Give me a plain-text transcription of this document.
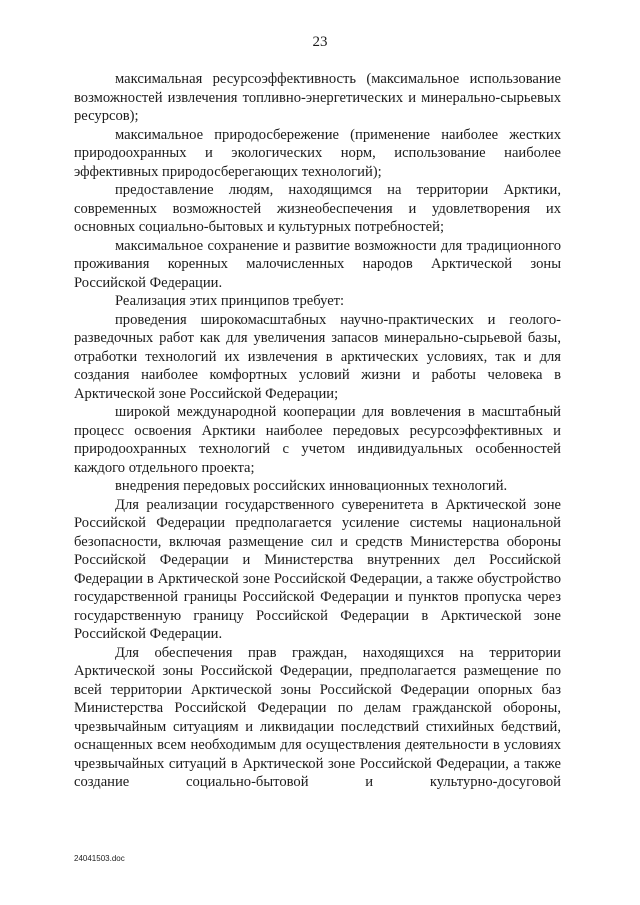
23

максимальная ресурсоэффективность (максимальное использование возможностей извлечения топливно-энергетических и минерально-сырьевых ресурсов);

максимальное природосбережение (применение наиболее жестких природоохранных и экологических норм, использование наиболее эффективных природосберегающих технологий);

предоставление людям, находящимся на территории Арктики, современных возможностей жизнеобеспечения и удовлетворения их основных социально-бытовых и культурных потребностей;

максимальное сохранение и развитие возможности для традиционного проживания коренных малочисленных народов Арктической зоны Российской Федерации.

Реализация этих принципов требует:

проведения широкомасштабных научно-практических и геолого-разведочных работ как для увеличения запасов минерально-сырьевой базы, отработки технологий их извлечения в арктических условиях, так и для создания наиболее комфортных условий жизни и работы человека в Арктической зоне Российской Федерации;

широкой международной кооперации для вовлечения в масштабный процесс освоения Арктики наиболее передовых ресурсоэффективных и природоохранных технологий с учетом индивидуальных особенностей каждого отдельного проекта;

внедрения передовых российских инновационных технологий.

Для реализации государственного суверенитета в Арктической зоне Российской Федерации предполагается усиление системы национальной безопасности, включая размещение сил и средств Министерства обороны Российской Федерации и Министерства внутренних дел Российской Федерации в Арктической зоне Российской Федерации, а также обустройство государственной границы Российской Федерации и пунктов пропуска через государственную границу Российской Федерации в Арктической зоне Российской Федерации.

Для обеспечения прав граждан, находящихся на территории Арктической зоны Российской Федерации, предполагается размещение по всей территории Арктической зоны Российской Федерации опорных баз Министерства Российской Федерации по делам гражданской обороны, чрезвычайным ситуациям и ликвидации последствий стихийных бедствий, оснащенных всем необходимым для осуществления деятельности в условиях чрезвычайных ситуаций в Арктической зоне Российской Федерации, а также создание социально-бытовой и культурно-досуговой

24041503.doc
